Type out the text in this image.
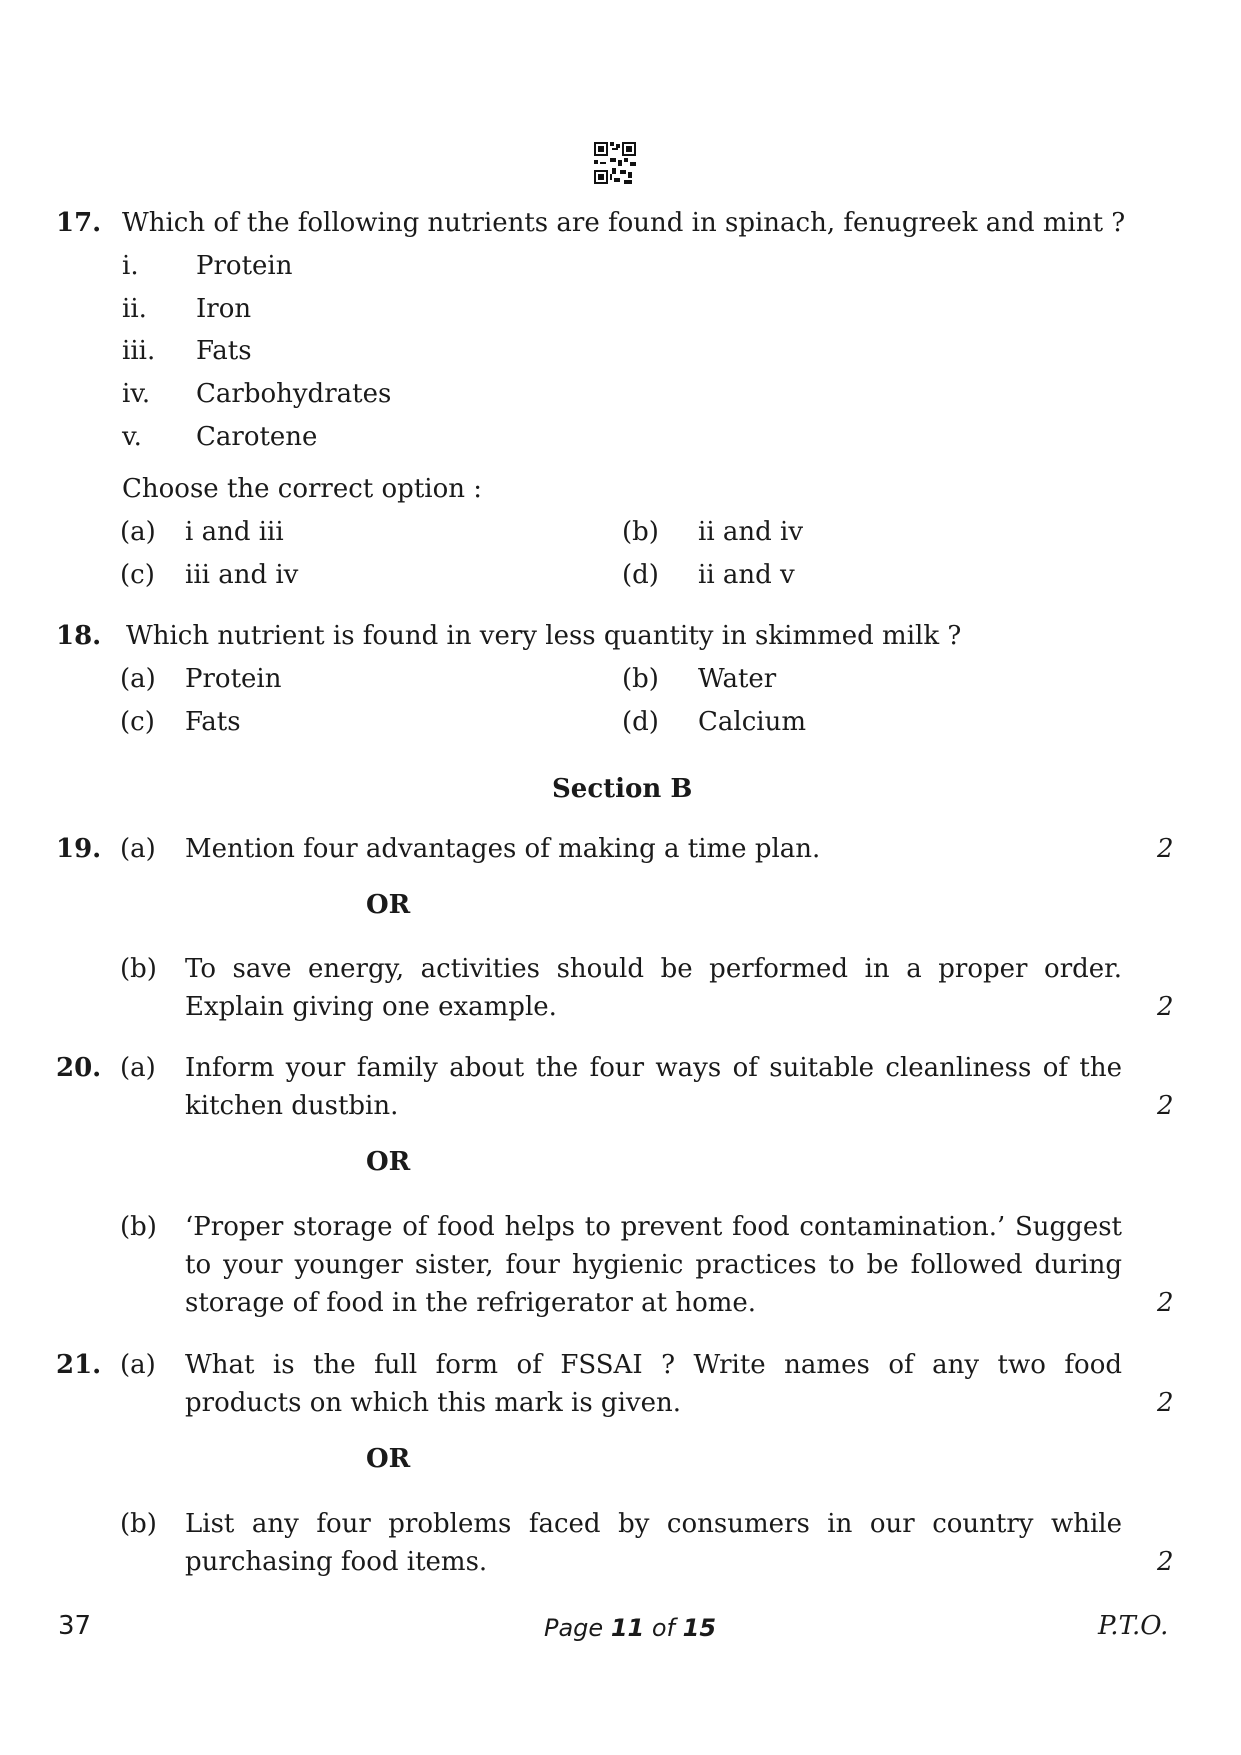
17. Which of the following nutrients are found in spinach, fenugreek and mint ?
i. Protein
ii. Iron
iii. Fats
iv. Carbohydrates
v. Carotene
Choose the correct option :
(a) i and iii	(b) ii and iv
(c) iii and iv	(d) ii and v
18. Which nutrient is found in very less quantity in skimmed milk ?
(a) Protein	(b) Water
(c) Fats	(d) Calcium
Section B
19. (a) Mention four advantages of making a time plan.	2
OR
(b) To save energy, activities should be performed in a proper order.
Explain giving one example.	2
20. (a) Inform your family about the four ways of suitable cleanliness of the
kitchen dustbin.	2
OR
(b) ‘Proper storage of food helps to prevent food contamination.’ Suggest
to your younger sister, four hygienic practices to be followed during
storage of food in the refrigerator at home.	2
21. (a) What is the full form of FSSAI ? Write names of any two food
products on which this mark is given.	2
OR
(b) List any four problems faced by consumers in our country while
purchasing food items.	2
37	Page 11 of 15	P.T.O.
